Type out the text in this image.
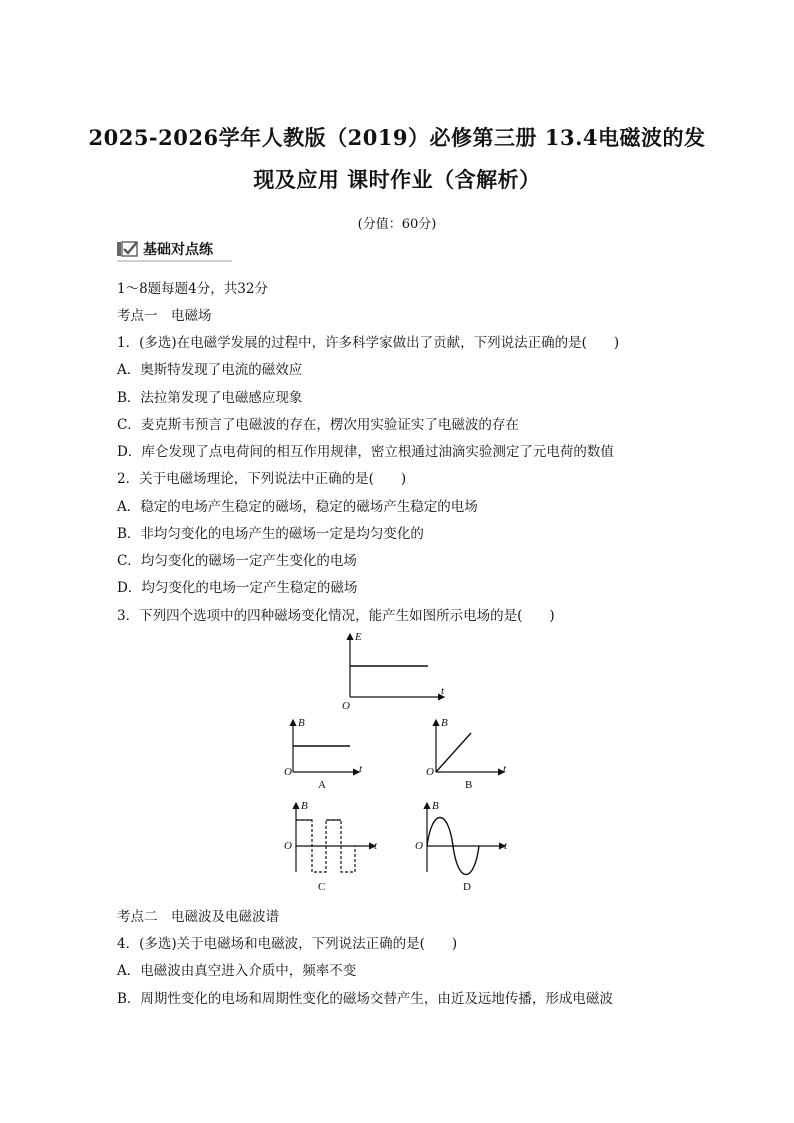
2025-2026学年人教版（2019）必修第三册 13.4电磁波的发
现及应用 课时作业（含解析）
(分值：60分)
基础对点练
1～8题每题4分，共32分
考点一　电磁场
1．(多选)在电磁学发展的过程中，许多科学家做出了贡献，下列说法正确的是(　　)
A．奥斯特发现了电流的磁效应
B．法拉第发现了电磁感应现象
C．麦克斯韦预言了电磁波的存在，楞次用实验证实了电磁波的存在
D．库仑发现了点电荷间的相互作用规律，密立根通过油滴实验测定了元电荷的数值
2．关于电磁场理论，下列说法中正确的是(　　)
A．稳定的电场产生稳定的磁场，稳定的磁场产生稳定的电场
B．非均匀变化的电场产生的磁场一定是均匀变化的
C．均匀变化的磁场一定产生变化的电场
D．均匀变化的电场一定产生稳定的磁场
3．下列四个选项中的四种磁场变化情况，能产生如图所示电场的是(　　)
E
t
O
B
t
O
A
B
t
O
B
B
t
O
C
B
t
O
D
考点二　电磁波及电磁波谱
4．(多选)关于电磁场和电磁波，下列说法正确的是(　　)
A．电磁波由真空进入介质中，频率不变
B．周期性变化的电场和周期性变化的磁场交替产生，由近及远地传播，形成电磁波
